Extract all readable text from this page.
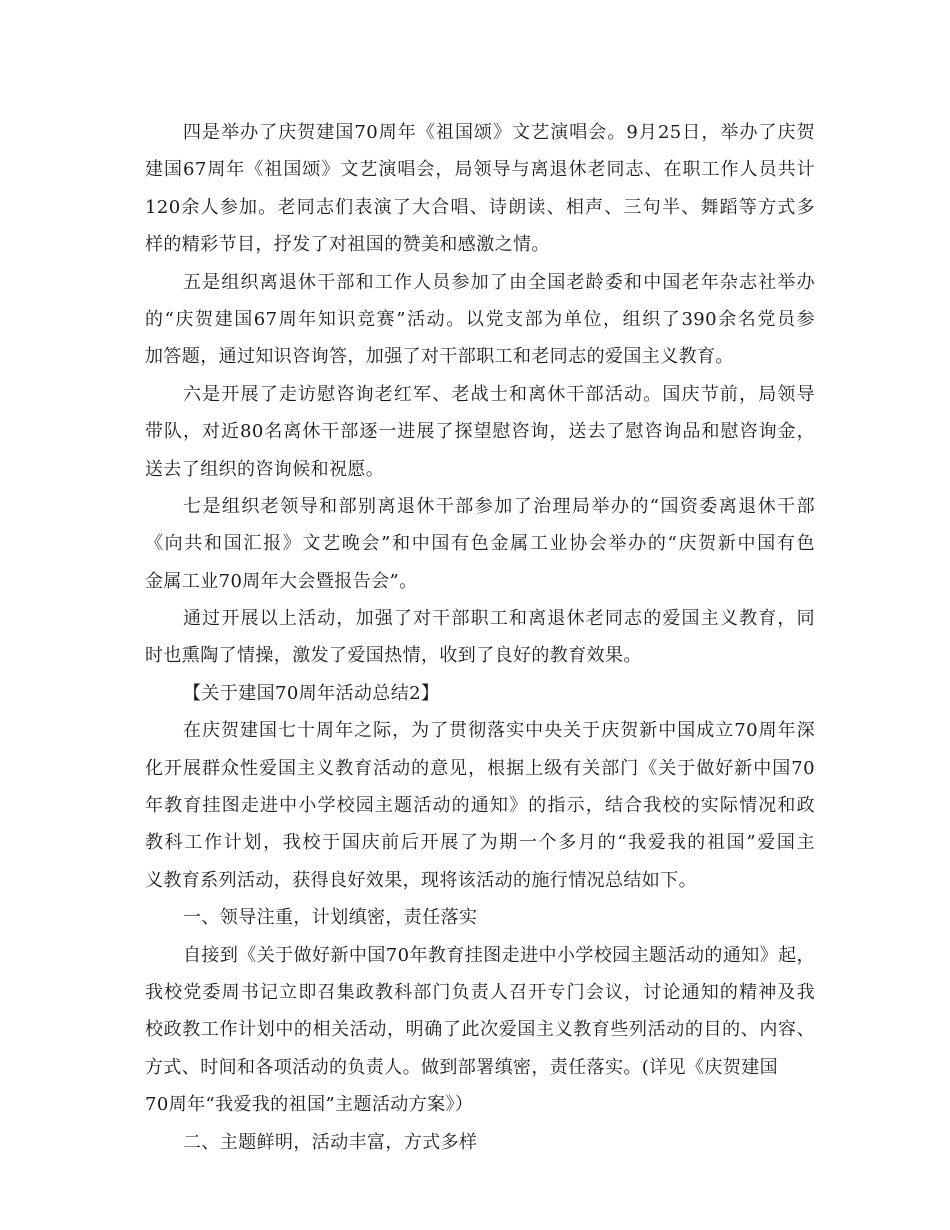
四是举办了庆贺建国70周年《祖国颂》文艺演唱会。9月25日，举办了庆贺
建国67周年《祖国颂》文艺演唱会，局领导与离退休老同志、在职工作人员共计
120余人参加。老同志们表演了大合唱、诗朗读、相声、三句半、舞蹈等方式多
样的精彩节目，抒发了对祖国的赞美和感激之情。
五是组织离退休干部和工作人员参加了由全国老龄委和中国老年杂志社举办
的“庆贺建国67周年知识竞赛”活动。以党支部为单位，组织了390余名党员参
加答题，通过知识咨询答，加强了对干部职工和老同志的爱国主义教育。
六是开展了走访慰咨询老红军、老战士和离休干部活动。国庆节前，局领导
带队，对近80名离休干部逐一进展了探望慰咨询，送去了慰咨询品和慰咨询金，
送去了组织的咨询候和祝愿。
七是组织老领导和部别离退休干部参加了治理局举办的“国资委离退休干部
《向共和国汇报》文艺晚会”和中国有色金属工业协会举办的“庆贺新中国有色
金属工业70周年大会暨报告会”。
通过开展以上活动，加强了对干部职工和离退休老同志的爱国主义教育，同
时也熏陶了情操，激发了爱国热情，收到了良好的教育效果。
【关于建国70周年活动总结2】
在庆贺建国七十周年之际，为了贯彻落实中央关于庆贺新中国成立70周年深
化开展群众性爱国主义教育活动的意见，根据上级有关部门《关于做好新中国70
年教育挂图走进中小学校园主题活动的通知》的指示，结合我校的实际情况和政
教科工作计划，我校于国庆前后开展了为期一个多月的“我爱我的祖国”爱国主
义教育系列活动，获得良好效果，现将该活动的施行情况总结如下。
一、领导注重，计划缜密，责任落实
自接到《关于做好新中国70年教育挂图走进中小学校园主题活动的通知》起，
我校党委周书记立即召集政教科部门负责人召开专门会议，讨论通知的精神及我
校政教工作计划中的相关活动，明确了此次爱国主义教育些列活动的目的、内容、
方式、时间和各项活动的负责人。做到部署缜密，责任落实。(详见《庆贺建国
70周年“我爱我的祖国”主题活动方案》）
二、主题鲜明，活动丰富，方式多样
